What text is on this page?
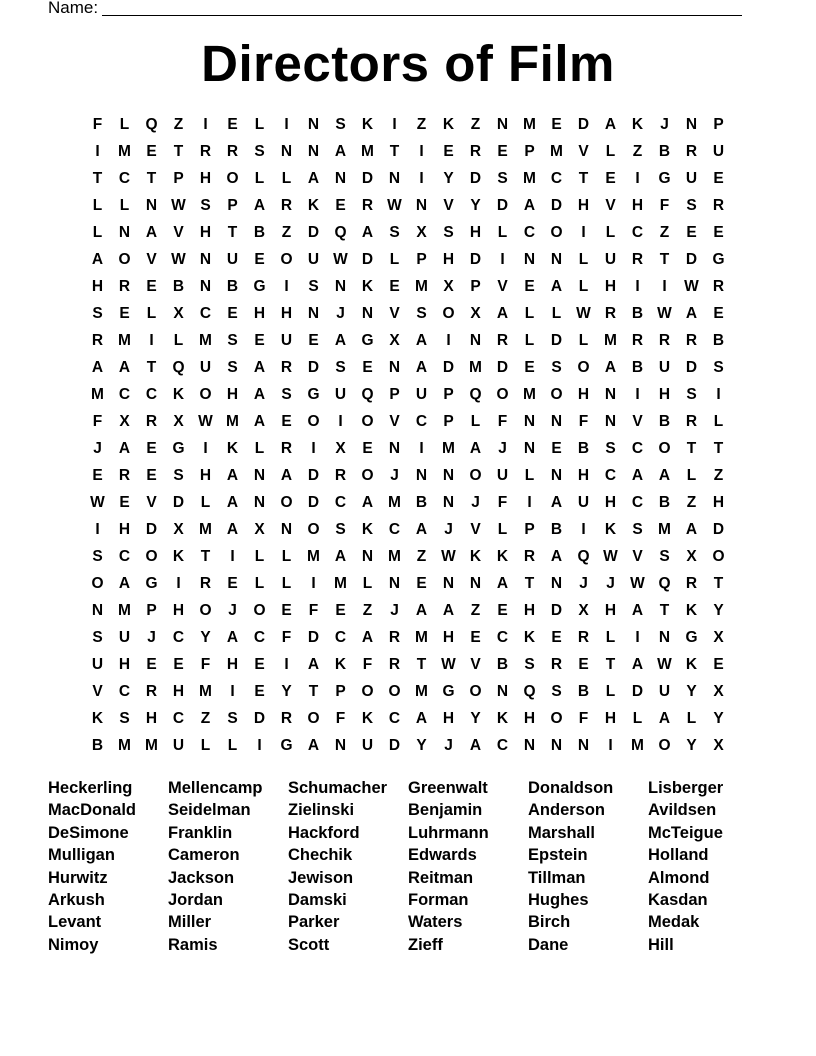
Name:
Directors of Film
F	L	Q	Z	I	E	L	I	N	S	K	I	Z	K	Z	N M E	D	A	K	J	N	P
I	M E	T	R	R	S	N	N	A M	T	I	E	R	E	P M V	L	Z	B	R	U
T	C	T	P	H O	L	L	A	N	D	N	I	Y	D	S M C	T	E	I	G U	E
L	L	N W S	P	A	R	K	E	R W N	V	Y	D	A	D	H	V	H	F	S	R
L	N	A	V	H	T	B	Z	D Q A	S	X	S	H	L	C O	I	L	C	Z	E	E
A O	V W N	U	E	O U W D	L	P	H	D	I	N	N	L	U	R	T	D G
H	R	E	B	N	B G	I	S	N	K	E M X	P	V	E	A	L	H	I	I	W R
S	E	L	X	C	E	H	H	N	J	N	V	S	O	X	A	L	L W R	B W A	E
R M	I	L	M S	E	U	E	A G	X	A	I	N	R	L	D	L	M R	R	R	B
A	A	T	Q U	S	A	R	D	S	E	N	A	D M D	E	S	O A	B	U	D	S
M C	C	K O H	A	S	G U Q	P	U	P	Q O M O H	N	I	H	S	I
F	X	R	X W M A	E	O	I	O	V	C	P	L	F	N	N	F	N	V	B	R	L
J	A	E	G	I	K	L	R	I	X	E	N	I	M A	J	N	E	B	S	C O	T	T
E	R	E	S	H	A	N	A	D	R O	J	N	N O U	L	N	H	C	A	A	L	Z
W E	V	D	L	A	N O D	C	A M B	N	J	F	I	A	U	H	C	B	Z	H
I	H	D	X M A	X	N O	S	K	C	A	J	V	L	P	B	I	K	S M A	D
S	C O K	T	I	L	L	M A	N M	Z W K	K	R	A Q W V	S	X	O
O A G	I	R	E	L	L	I	M	L	N	E	N	N	A	T	N	J	J W Q R	T
N M P	H O	J	O	E	F	E	Z	J	A	A	Z	E	H	D	X	H	A	T	K	Y
S	U	J	C	Y	A	C	F	D	C	A	R M H	E	C	K	E	R	L	I	N G	X
U	H	E	E	F	H	E	I	A	K	F	R	T W V	B	S	R	E	T	A W K	E
V	C	R	H M	I	E	Y	T	P	O O M G O N Q	S	B	L	D	U	Y	X
K	S	H	C	Z	S	D	R O	F	K	C	A	H	Y	K	H O	F	H	L	A	L	Y
B M M U	L	L	I	G A	N	U	D	Y	J	A	C	N	N	N	I	M O	Y	X
Heckerling	Mellencamp	Schumacher	Greenwalt	Donaldson	Lisberger
MacDonald	Seidelman	Zielinski	Benjamin	Anderson	Avildsen
DeSimone	Franklin	Hackford	Luhrmann	Marshall	McTeigue
Mulligan	Cameron	Chechik	Edwards	Epstein	Holland
Hurwitz	Jackson	Jewison	Reitman	Tillman	Almond
Arkush	Jordan	Damski	Forman	Hughes	Kasdan
Levant	Miller	Parker	Waters	Birch	Medak
Nimoy	Ramis	Scott	Zieff	Dane	Hill
